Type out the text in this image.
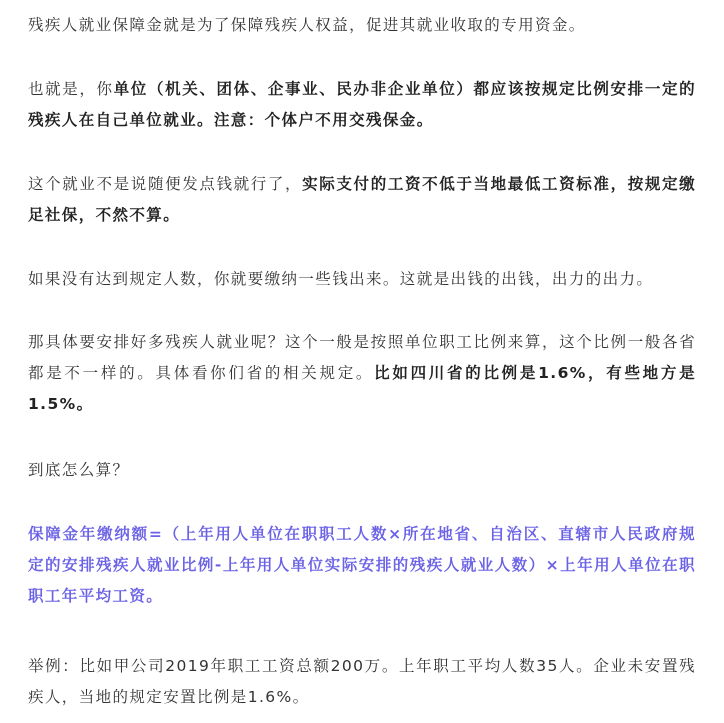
残疾人就业保障金就是为了保障残疾人权益，促进其就业收取的专用资金。

也就是，你单位（机关、团体、企事业、民办非企业单位）都应该按规定比例安排一定的残疾人在自己单位就业。注意：个体户不用交残保金。

这个就业不是说随便发点钱就行了，实际支付的工资不低于当地最低工资标准，按规定缴足社保，不然不算。

如果没有达到规定人数，你就要缴纳一些钱出来。这就是出钱的出钱，出力的出力。

那具体要安排好多残疾人就业呢？这个一般是按照单位职工比例来算，这个比例一般各省都是不一样的。具体看你们省的相关规定。比如四川省的比例是1.6%，有些地方是1.5%。

到底怎么算？

保障金年缴纳额=（上年用人单位在职职工人数×所在地省、自治区、直辖市人民政府规定的安排残疾人就业比例-上年用人单位实际安排的残疾人就业人数）×上年用人单位在职职工年平均工资。

举例：比如甲公司2019年职工工资总额200万。上年职工平均人数35人。企业未安置残疾人，当地的规定安置比例是1.6%。
